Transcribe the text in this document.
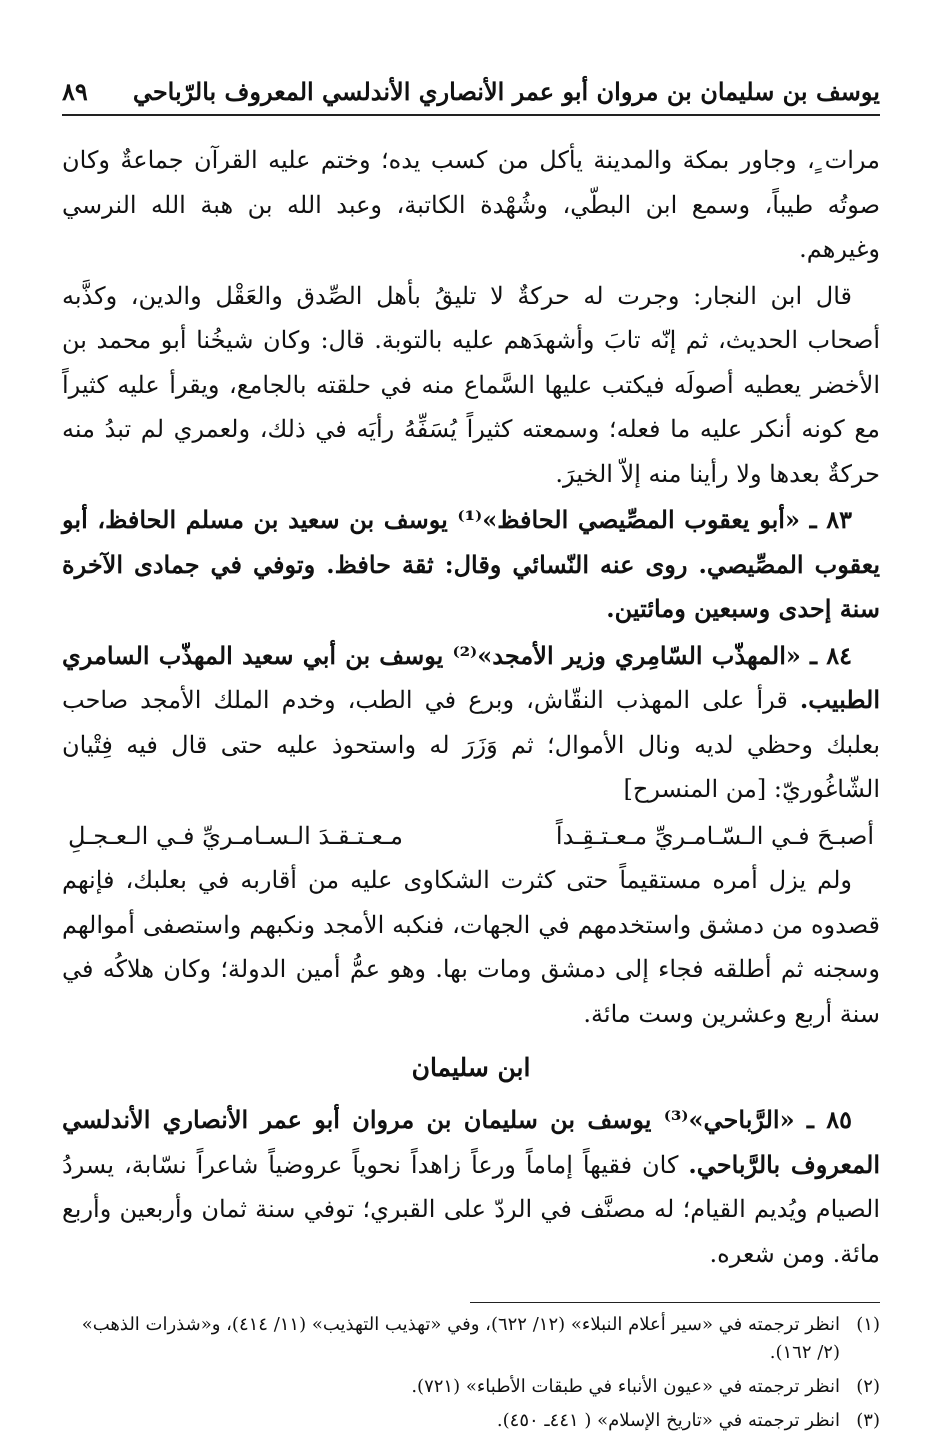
يوسف بن سليمان بن مروان أبو عمر الأنصاري الأندلسي المعروف بالرّباحي
٨٩

مرات ٍ، وجاور بمكة والمدينة يأكل من كسب يده؛ وختم عليه القرآن جماعةٌ وكان صوتُه طيباً، وسمع ابن البطّي، وشُهْدة الكاتبة، وعبد الله بن هبة الله النرسي وغيرهم.

قال ابن النجار: وجرت له حركةٌ لا تليقُ بأهل الصِّدق والعَقْل والدين، وكذَّبه أصحاب الحديث، ثم إنّه تابَ وأشهدَهم عليه بالتوبة. قال: وكان شيخُنا أبو محمد بن الأخضر يعطيه أصولَه فيكتب عليها السَّماع منه في حلقته بالجامع، ويقرأ عليه كثيراً مع كونه أنكر عليه ما فعله؛ وسمعته كثيراً يُسَفِّهُ رأيَه في ذلك، ولعمري لم تبدُ منه حركةٌ بعدها ولا رأينا منه إلاّ الخيرَ.

٨٣ ـ «أبو يعقوب المصِّيصي الحافظ»⁽¹⁾ يوسف بن سعيد بن مسلم الحافظ، أبو يعقوب المصِّيصي. روى عنه النّسائي وقال: ثقة حافظ. وتوفي في جمادى الآخرة سنة إحدى وسبعين ومائتين.

٨٤ ـ «المهذّب السّامِري وزير الأمجد»⁽²⁾ يوسف بن أبي سعيد المهذّب السامري الطبيب. قرأ على المهذب النقّاش، وبرع في الطب، وخدم الملك الأمجد صاحب بعلبك وحظي لديه ونال الأموال؛ ثم وَزَرَ له واستحوذ عليه حتى قال فيه فِتْيان الشّاغُوريّ: [من المنسرح]

أصبـحَ فـي الـسّـامـريِّ مـعـتـقِـداً
مـعـتـقـدَ الـسـامـريِّ فـي الـعـجـلِ

ولم يزل أمره مستقيماً حتى كثرت الشكاوى عليه من أقاربه في بعلبك، فإنهم قصدوه من دمشق واستخدمهم في الجهات، فنكبه الأمجد ونكبهم واستصفى أموالهم وسجنه ثم أطلقه فجاء إلى دمشق ومات بها. وهو عمُّ أمين الدولة؛ وكان هلاكُه في سنة أربع وعشرين وست مائة.

ابن سليمان

٨٥ ـ «الرَّباحي»⁽³⁾ يوسف بن سليمان بن مروان أبو عمر الأنصاري الأندلسي المعروف بالرَّباحي. كان فقيهاً إماماً ورعاً زاهداً نحوياً عروضياً شاعراً نسّابة، يسردُ الصيام ويُديم القيام؛ له مصنَّف في الردّ على القبري؛ توفي سنة ثمان وأربعين وأربع مائة. ومن شعره.

(١)
انظر ترجمته في «سير أعلام النبلاء» (١٢/ ٦٢٢)، وفي «تهذيب التهذيب» (١١/ ٤١٤)، و«شذرات الذهب» (٢/ ١٦٢).
(٢)
انظر ترجمته في «عيون الأنباء في طبقات الأطباء» (٧٢١).
(٣)
انظر ترجمته في «تاريخ الإسلام» ( ٤٤١ـ ٤٥٠).
